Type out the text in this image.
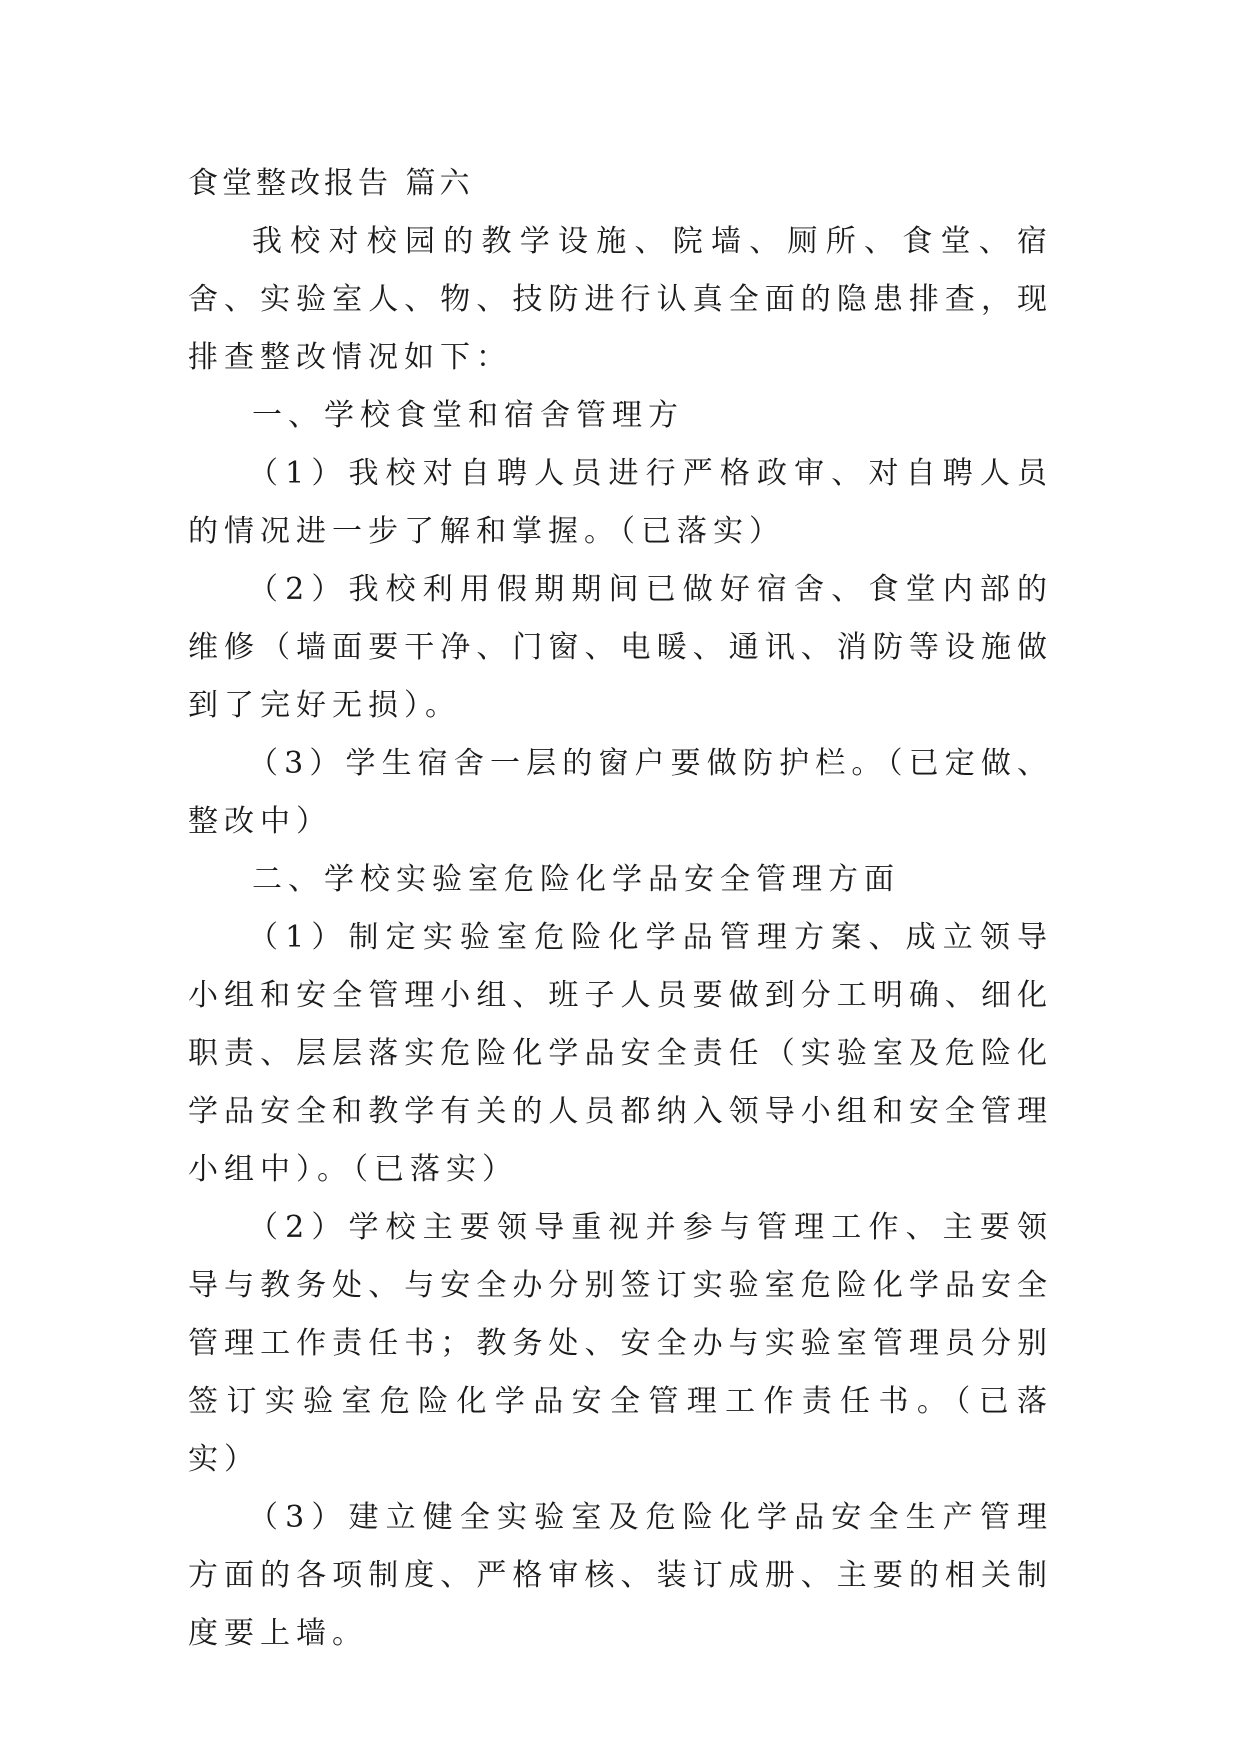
食堂整改报告 篇六

我校对校园的教学设施、院墙、厕所、食堂、宿舍、实验室人、物、技防进行认真全面的隐患排查，现排查整改情况如下：

一、学校食堂和宿舍管理方

（1）我校对自聘人员进行严格政审、对自聘人员的情况进一步了解和掌握。（已落实）

（2）我校利用假期期间已做好宿舍、食堂内部的维修（墙面要干净、门窗、电暖、通讯、消防等设施做到了完好无损）。

（3）学生宿舍一层的窗户要做防护栏。（已定做、整改中）

二、学校实验室危险化学品安全管理方面

（1）制定实验室危险化学品管理方案、成立领导小组和安全管理小组、班子人员要做到分工明确、细化职责、层层落实危险化学品安全责任（实验室及危险化学品安全和教学有关的人员都纳入领导小组和安全管理小组中）。（已落实）

（2）学校主要领导重视并参与管理工作、主要领导与教务处、与安全办分别签订实验室危险化学品安全管理工作责任书；教务处、安全办与实验室管理员分别签订实验室危险化学品安全管理工作责任书。（已落实）

（3）建立健全实验室及危险化学品安全生产管理方面的各项制度、严格审核、装订成册、主要的相关制度要上墙。
